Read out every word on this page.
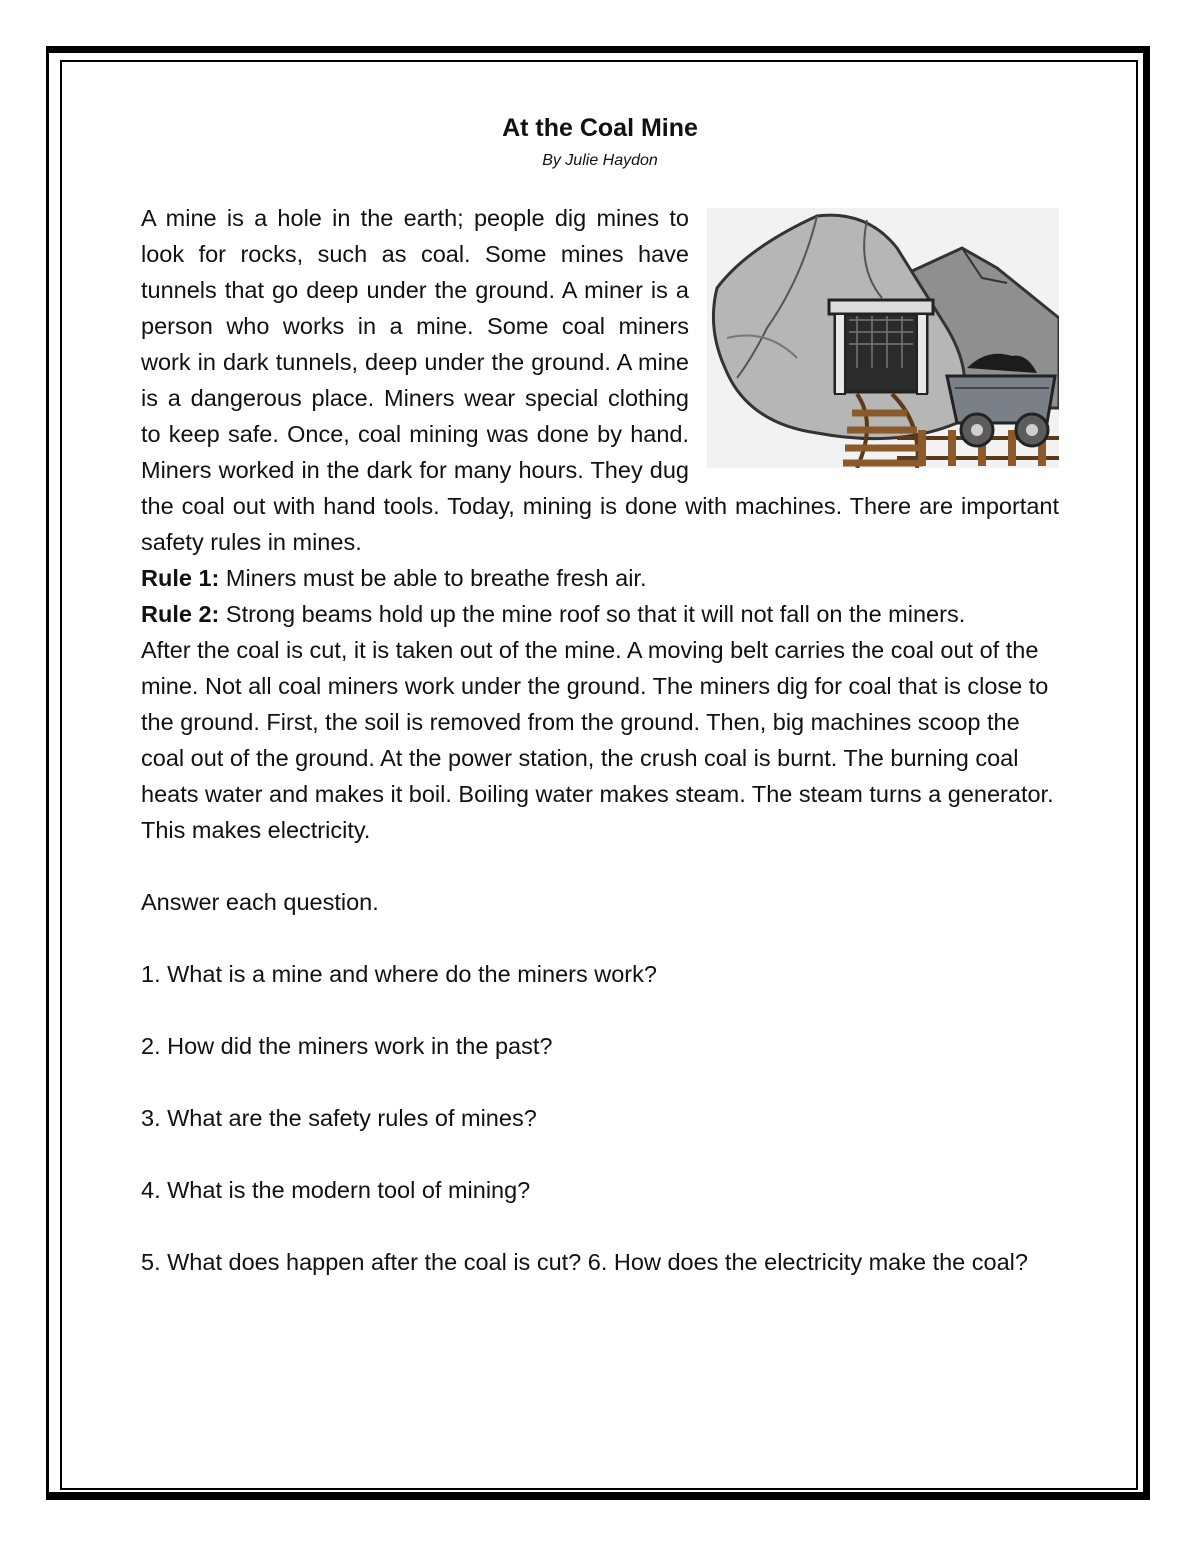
At the Coal Mine
By Julie Haydon

A mine is a hole in the earth; people dig mines to look for rocks, such as coal. Some mines have tunnels that go deep under the ground. A miner is a person who works in a mine. Some coal miners work in dark tunnels, deep under the ground. A mine is a dangerous place. Miners wear special clothing to keep safe. Once, coal mining was done by hand. Miners worked in the dark for many hours. They dug the coal out with hand tools. Today, mining is done with machines. There are important safety rules in mines.

Rule 1: Miners must be able to breathe fresh air.
Rule 2: Strong beams hold up the mine roof so that it will not fall on the miners.

After the coal is cut, it is taken out of the mine. A moving belt carries the coal out of the mine. Not all coal miners work under the ground. The miners dig for coal that is close to the ground. First, the soil is removed from the ground. Then, big machines scoop the coal out of the ground. At the power station, the crush coal is burnt. The burning coal heats water and makes it boil. Boiling water makes steam. The steam turns a generator. This makes electricity.

Answer each question.

1. What is a mine and where do the miners work?

2. How did the miners work in the past?

3. What are the safety rules of mines?

4. What is the modern tool of mining?

5. What does happen after the coal is cut? 6. How does the electricity make the coal?
